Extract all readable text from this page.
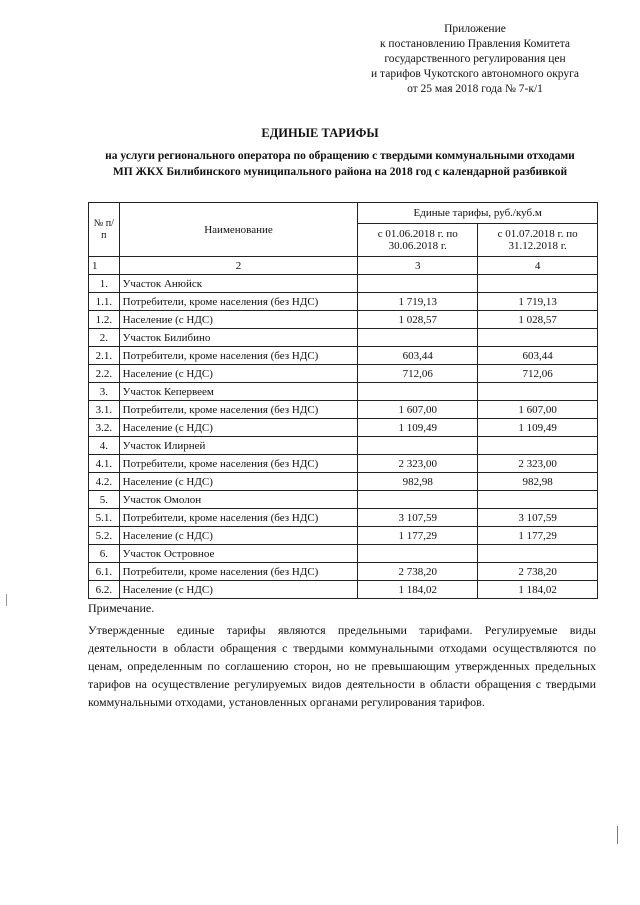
Приложение
к постановлению Правления Комитета
государственного регулирования цен
и тарифов Чукотского автономного округа
от 25 мая 2018 года № 7-к/1
ЕДИНЫЕ ТАРИФЫ
на услуги регионального оператора по обращению с твердыми коммунальными отходами
МП ЖКХ Билибинского муниципального района на 2018 год с календарной разбивкой
№ п/п	Наименование	Единые тарифы, руб./куб.м	
		с 01.06.2018 г. по 30.06.2018 г.	с 01.07.2018 г. по 31.12.2018 г.
1	2	3	4
1.	Участок Анюйск		
1.1.	Потребители, кроме населения (без НДС)	1 719,13	1 719,13
1.2.	Население (с НДС)	1 028,57	1 028,57
2.	Участок Билибино		
2.1.	Потребители, кроме населения (без НДС)	603,44	603,44
2.2.	Население (с НДС)	712,06	712,06
3.	Участок Кепервеем		
3.1.	Потребители, кроме населения (без НДС)	1 607,00	1 607,00
3.2.	Население (с НДС)	1 109,49	1 109,49
4.	Участок Илирней		
4.1.	Потребители, кроме населения (без НДС)	2 323,00	2 323,00
4.2.	Население (с НДС)	982,98	982,98
5.	Участок Омолон		
5.1.	Потребители, кроме населения (без НДС)	3 107,59	3 107,59
5.2.	Население (с НДС)	1 177,29	1 177,29
6.	Участок Островное		
6.1.	Потребители, кроме населения (без НДС)	2 738,20	2 738,20
6.2.	Население (с НДС)	1 184,02	1 184,02
Примечание.
Утвержденные единые тарифы являются предельными тарифами. Регулируемые виды деятельности в области обращения с твердыми коммунальными отходами осуществляются по ценам, определенным по соглашению сторон, но не превышающим утвержденных предельных тарифов на осуществление регулируемых видов деятельности в области обращения с твердыми коммунальными отходами, установленных органами регулирования тарифов.
